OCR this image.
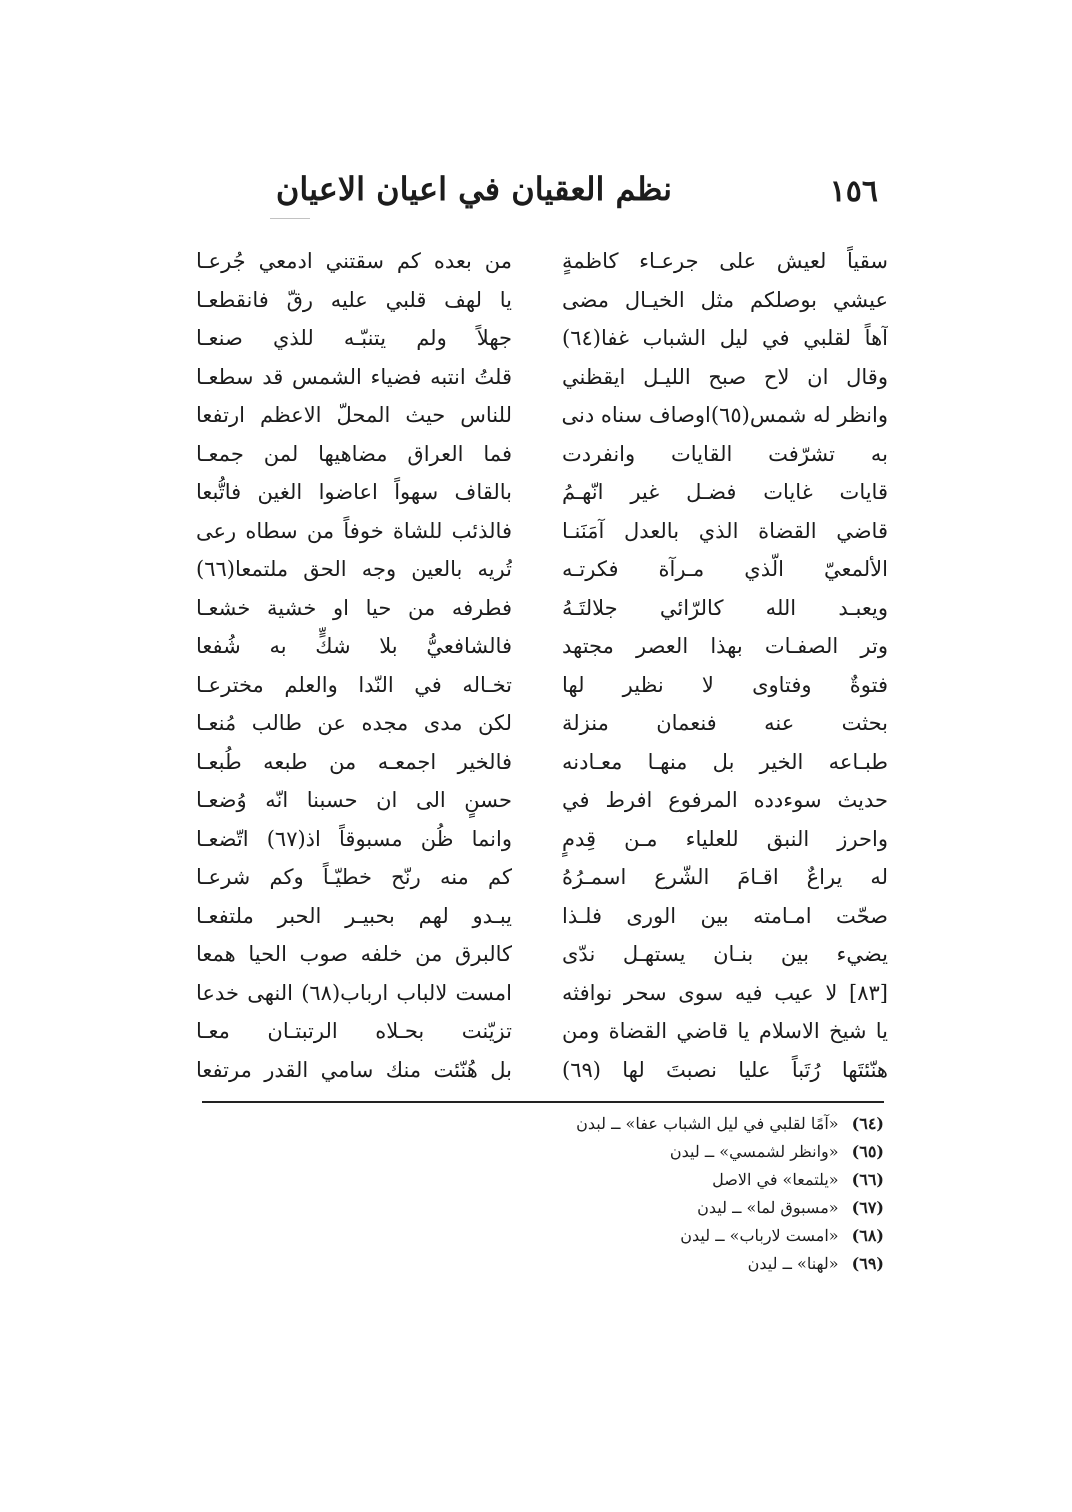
١٥٦
نظم العقيان في اعيان الاعيان
سقياً لعيش على جرعـاء كاظمةٍ
عيشي بوصلكم مثل الخيـال مضى
آهاً لقلبي في ليل الشباب غفا(٦٤)
وقال ان لاح صبح الليـل ايقظني
وانظر له شمس(٦٥)اوصاف سناه دنى
به تشرّفت القايات وانفردت
قايات غايات فضـل غير انّهـمُ
قاضي القضاة الذي بالعدل آمَنَنـا
الألمعيّ الّذي مـرآة فكرتـه
ويعبـد الله كالرّائي جلالتَـهُ
وتر الصفـات بهذا العصر مجتهد
فتوةٌ وفتاوى لا نظير لها
بحثت عنه فنعمان منزلة
طبـاعه الخير بل منهـا معـادنه
حديث سوءدده المرفوع افرط في
واحرز النبق للعلياء مـن قِدمٍ
له يراعٌ اقـامَ الشّرع اسمـرُهُ
صحّت امـامته بين الورى فلـذا
يضيء بين بنـان يستهـل ندّى
[٨٣] لا عيب فيه سوى سحر نوافثه
يا شيخ الاسلام يا قاضي القضاة ومن
هنّئتَها رُتَباً عليا نصبتَ لها (٦٩)
من بعده كم سقتني ادمعي جُرعـا
يا لهف قلبي عليه رقّ فانقطعـا
جهلاً ولم يتنبّـه للذي صنعـا
قلتُ انتبه فضياء الشمس قد سطعـا
للناس حيث المحلّ الاعظم ارتفعا
فما العراق مضاهيها لمن جمعـا
بالقاف سهواً اعاضوا الغين فاتُّبعا
فالذئب للشاة خوفاً من سطاه رعى
تُريه بالعين وجه الحق ملتمعا(٦٦)
فطرفه من حيا او خشية خشعـا
فالشافعيُّ بلا شكٍّ به شُفعا
تخـاله في النّدا والعلم مخترعـا
لكن مدى مجده عن طالب مُنعـا
فالخير اجمعـه من طبعه طُبعـا
حسنٍ الى ان حسبنا انّه وُضعـا
وانما ظُن مسبوقاً اذ(٦٧) اتّضعـا
كم منه رنّح خطيّـاً وكم شرعـا
يبـدو لهم بحبيـر الحبر ملتفعـا
كالبرق من خلفه صوب الحيا همعا
امست لالباب ارباب(٦٨) النهى خدعا
تزيّنت بحـلاه الرتبتـان معـا
بل هُنّئت منك سامي القدر مرتفعا
(٦٤) «آمًا لقلبي في ليل الشباب عفا» ــ لبدن
(٦٥) «وانظر لشمسي» ــ ليدن
(٦٦) «يلتمعا» في الاصل
(٦٧) «مسبوق لما» ــ ليدن
(٦٨) «امست لارباب» ــ ليدن
(٦٩) «لهنا» ــ ليدن
